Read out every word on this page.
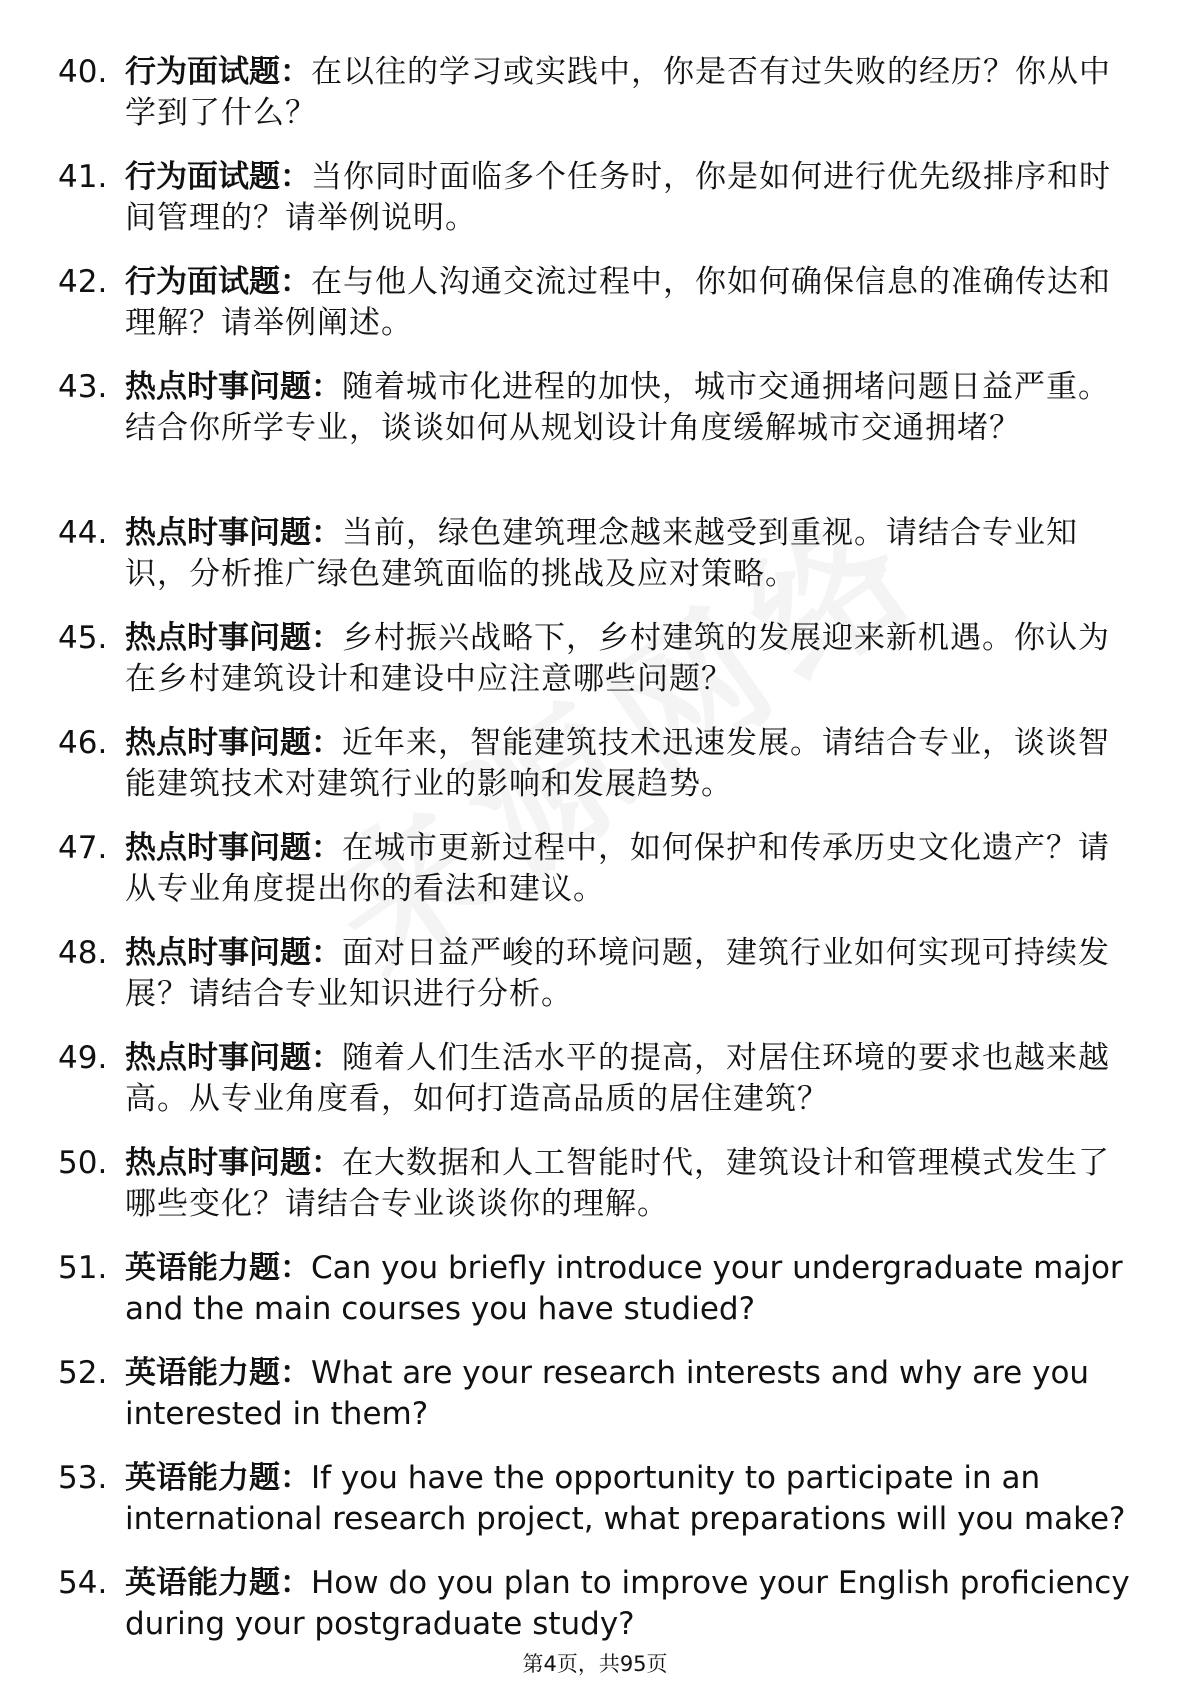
40. 行为面试题：在以往的学习或实践中，你是否有过失败的经历？你从中学到了什么？
41. 行为面试题：当你同时面临多个任务时，你是如何进行优先级排序和时间管理的？请举例说明。
42. 行为面试题：在与他人沟通交流过程中，你如何确保信息的准确传达和理解？请举例阐述。
43. 热点时事问题：随着城市化进程的加快，城市交通拥堵问题日益严重。结合你所学专业，谈谈如何从规划设计角度缓解城市交通拥堵？
44. 热点时事问题：当前，绿色建筑理念越来越受到重视。请结合专业知识，分析推广绿色建筑面临的挑战及应对策略。
45. 热点时事问题：乡村振兴战略下，乡村建筑的发展迎来新机遇。你认为在乡村建筑设计和建设中应注意哪些问题？
46. 热点时事问题：近年来，智能建筑技术迅速发展。请结合专业，谈谈智能建筑技术对建筑行业的影响和发展趋势。
47. 热点时事问题：在城市更新过程中，如何保护和传承历史文化遗产？请从专业角度提出你的看法和建议。
48. 热点时事问题：面对日益严峻的环境问题，建筑行业如何实现可持续发展？请结合专业知识进行分析。
49. 热点时事问题：随着人们生活水平的提高，对居住环境的要求也越来越高。从专业角度看，如何打造高品质的居住建筑？
50. 热点时事问题：在大数据和人工智能时代，建筑设计和管理模式发生了哪些变化？请结合专业谈谈你的理解。
51. 英语能力题：Can you briefly introduce your undergraduate major and the main courses you have studied?
52. 英语能力题：What are your research interests and why are you interested in them?
53. 英语能力题：If you have the opportunity to participate in an international research project, what preparations will you make?
54. 英语能力题：How do you plan to improve your English proficiency during your postgraduate study?
第4页，共95页
